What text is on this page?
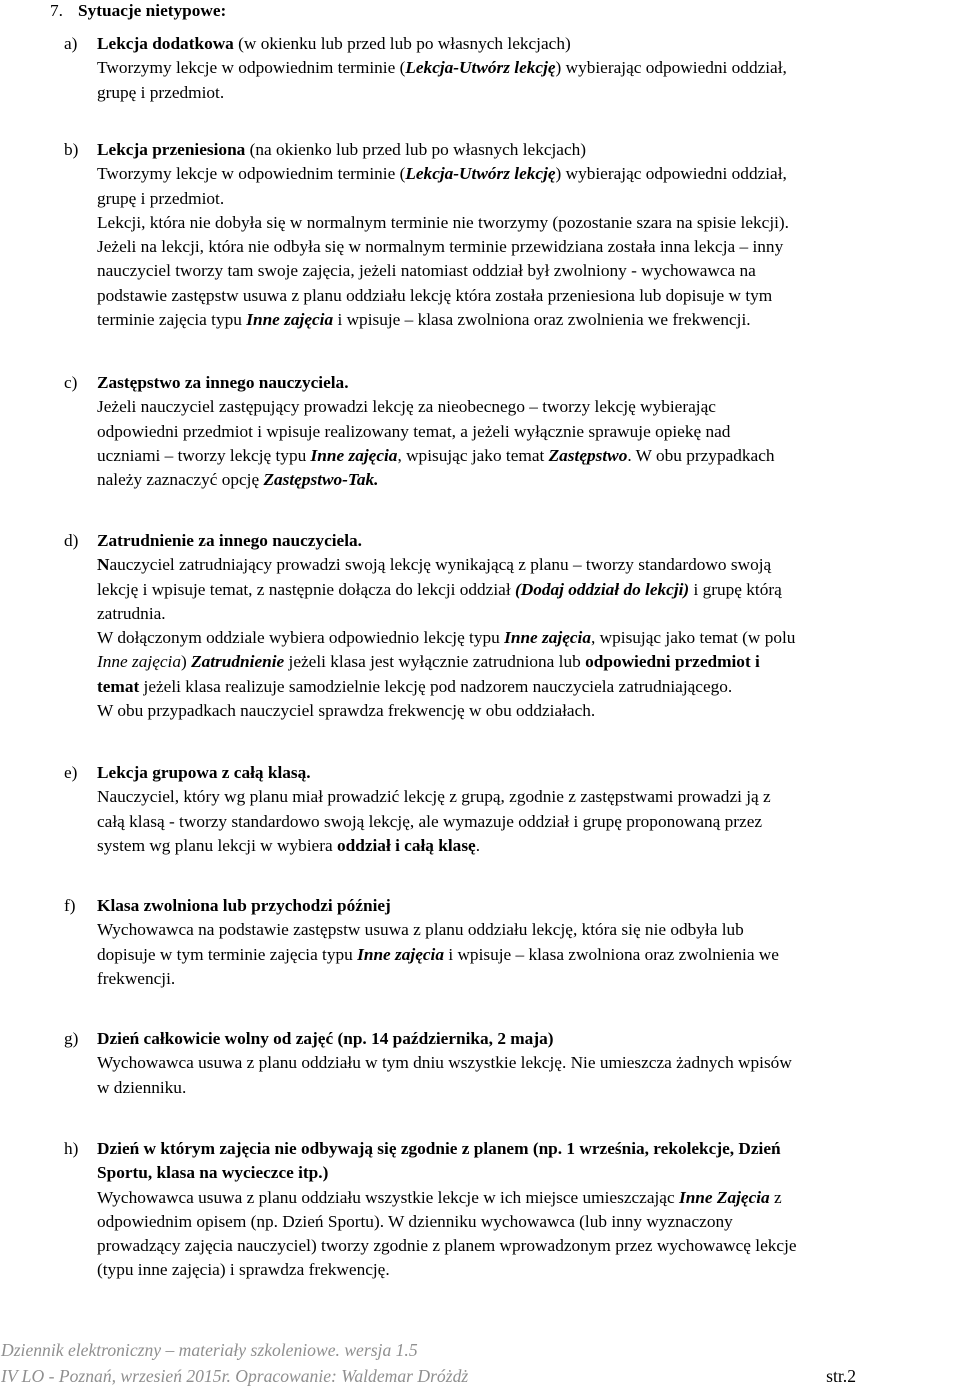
7. Sytuacje nietypowe:
a) Lekcja dodatkowa (w okienku lub przed lub po własnych lekcjach)

Tworzymy lekcje w odpowiednim terminie (Lekcja-Utwórz lekcję) wybierając odpowiedni oddział,

grupę i przedmiot.

b) Lekcja przeniesiona (na okienko lub przed lub po własnych lekcjach)

Tworzymy lekcje w odpowiednim terminie (Lekcja-Utwórz lekcję) wybierając odpowiedni oddział,

grupę i przedmiot.

Lekcji, która nie dobyła się w normalnym terminie nie tworzymy (pozostanie szara na spisie lekcji).

Jeżeli na lekcji, która nie odbyła się w normalnym terminie przewidziana została inna lekcja – inny

nauczyciel tworzy tam swoje zajęcia, jeżeli natomiast oddział był zwolniony - wychowawca na

podstawie zastępstw usuwa z planu oddziału lekcję która została przeniesiona lub dopisuje w tym

terminie zajęcia typu Inne zajęcia i wpisuje – klasa zwolniona oraz zwolnienia we frekwencji.

c) Zastępstwo za innego nauczyciela.

Jeżeli nauczyciel zastępujący prowadzi lekcję za nieobecnego – tworzy lekcję wybierając

odpowiedni przedmiot i wpisuje realizowany temat, a jeżeli wyłącznie sprawuje opiekę nad

uczniami – tworzy lekcję typu Inne zajęcia, wpisując jako temat Zastępstwo. W obu przypadkach

należy zaznaczyć opcję Zastępstwo-Tak.

d) Zatrudnienie za innego nauczyciela.

Nauczyciel zatrudniający prowadzi swoją lekcję wynikającą z planu – tworzy standardowo swoją

lekcję i wpisuje temat, z następnie dołącza do lekcji oddział (Dodaj oddział do lekcji) i grupę którą

zatrudnia.

W dołączonym oddziale wybiera odpowiednio lekcję typu Inne zajęcia, wpisując jako temat (w polu

Inne zajęcia) Zatrudnienie jeżeli klasa jest wyłącznie zatrudniona lub odpowiedni przedmiot i

temat jeżeli klasa realizuje samodzielnie lekcję pod nadzorem nauczyciela zatrudniającego.

W obu przypadkach nauczyciel sprawdza frekwencję w obu oddziałach.

e) Lekcja grupowa z całą klasą.

Nauczyciel, który wg planu miał prowadzić lekcję z grupą, zgodnie z zastępstwami prowadzi ją z

całą klasą - tworzy standardowo swoją lekcję, ale wymazuje oddział i grupę proponowaną przez

system wg planu lekcji w wybiera oddział i całą klasę.

f) Klasa zwolniona lub przychodzi później

Wychowawca na podstawie zastępstw usuwa z planu oddziału lekcję, która się nie odbyła lub

dopisuje w tym terminie zajęcia typu Inne zajęcia i wpisuje – klasa zwolniona oraz zwolnienia we

frekwencji.

g) Dzień całkowicie wolny od zajęć (np. 14 października, 2 maja)

Wychowawca usuwa z planu oddziału w tym dniu wszystkie lekcję. Nie umieszcza żadnych wpisów

w dzienniku.

h) Dzień w którym zajęcia nie odbywają się zgodnie z planem (np. 1 września, rekolekcje, Dzień

Sportu, klasa na wycieczce itp.)

Wychowawca usuwa z planu oddziału wszystkie lekcje w ich miejsce umieszczając Inne Zajęcia z

odpowiednim opisem (np. Dzień Sportu). W dzienniku wychowawca (lub inny wyznaczony

prowadzący zajęcia nauczyciel) tworzy zgodnie z planem wprowadzonym przez wychowawcę lekcje

(typu inne zajęcia) i sprawdza frekwencję.

Dziennik elektroniczny – materiały szkoleniowe. wersja 1.5
IV LO - Poznań, wrzesień 2015r. Opracowanie: Waldemar Dróżdż	str.2
